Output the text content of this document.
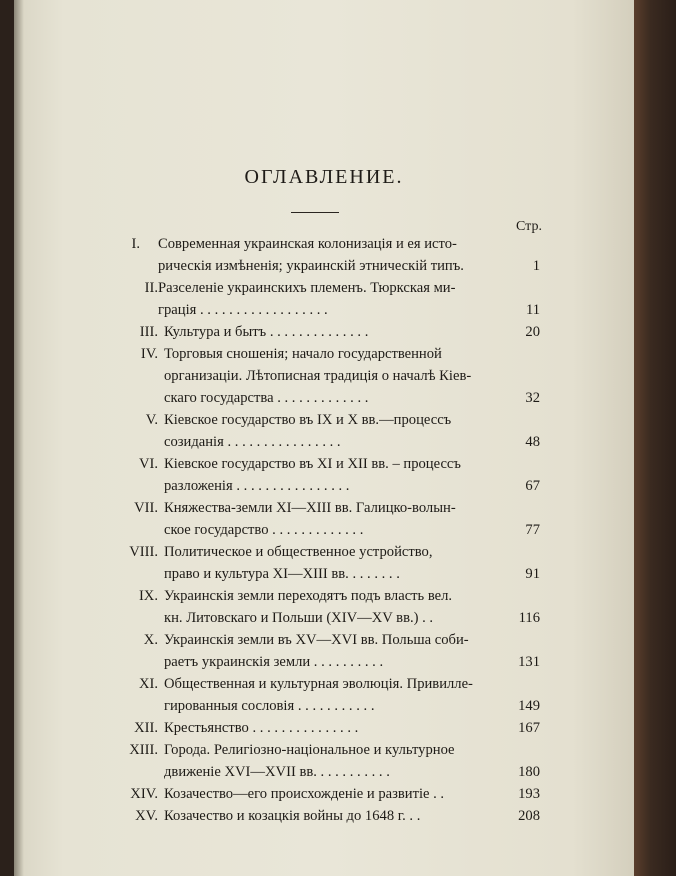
ОГЛАВЛЕНИЕ.
Стр.
I. Современная украинская колонизація и ея исто-
рическія измѣненія; украинскій этническій типъ.	1
II. Разселеніе украинскихъ племенъ. Тюркская ми-
грація . . . . . . . . . . . . . . . . . .	11
III. Культура и бытъ . . . . . . . . . . . . . .	20
IV. Торговыя сношенія; начало государственной
организаціи. Лѣтописная традиція о началѣ Кіев-
скаго государства . . . . . . . . . . . . .	32
V. Кіевское государство въ IX и X вв.—процессъ
созиданія . . . . . . . . . . . . . . . .	48
VI. Кіевское государство въ XI и XII вв. – процессъ
разложенія . . . . . . . . . . . . . . . .	67
VII. Княжества-земли XI—XIII вв. Галицко-волын-
ское государство . . . . . . . . . . . . .	77
VIII. Политическое и общественное устройство,
право и культура XI—XIII вв. . . . . . . .	91
IX. Украинскія земли переходятъ подъ власть вел.
кн. Литовскаго и Польши (XIV—XV вв.) . .	116
X. Украинскія земли въ XV—XVI вв. Польша соби-
раетъ украинскія земли . . . . . . . . . .	131
XI. Общественная и культурная эволюція. Привилле-
гированныя сословія . . . . . . . . . . .	149
XII. Крестьянство . . . . . . . . . . . . . . .	167
XIII. Города. Религіозно-національное и культурное
движеніе XVI—XVII вв. . . . . . . . . . .	180
XIV. Козачество—его происхожденіе и развитіе . .	193
XV. Козачество и козацкія войны до 1648 г. . .	208
